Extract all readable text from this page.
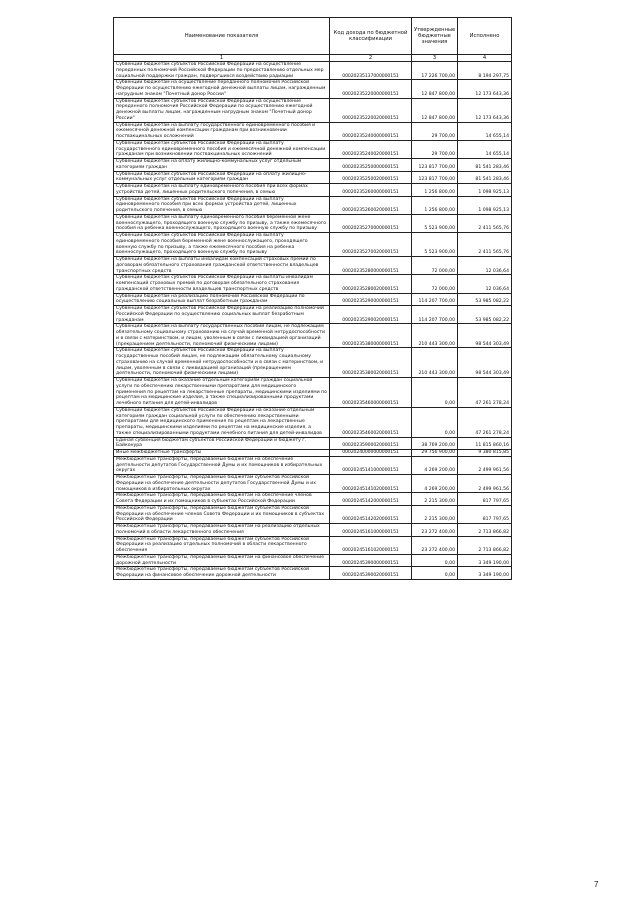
Наименование показателя	Код дохода по бюджетной классификации	Утвержденные бюджетные значения	Исполнено
1	2	3	4
Субвенции бюджетам субъектов Российской Федерации на осуществление переданных полномочий Российской Федерации по предоставлению отдельных мер социальной поддержки граждан, подвергшихся воздействию радиации	00020235137000000151	17 226 700,00	8 194 297,75
Субвенции бюджетам на осуществление переданного полномочия Российской Федерации по осуществлению ежегодной денежной выплаты лицам, награжденным нагрудным знаком "Почетный донор России"	00020235220000000151	12 847 800,00	12 173 643,36
Субвенции бюджетам субъектов Российской Федерации на осуществление переданного полномочия Российской Федерации по осуществлению ежегодной денежной выплаты лицам, награжденным нагрудным знаком "Почетный донор России"	00020235220020000151	12 847 800,00	12 173 643,36
Субвенции бюджетам на выплату государственного единовременного пособия и ежемесячной денежной компенсации гражданам при возникновении поствакцинальных осложнений	00020235240000000151	29 700,00	14 655,14
Субвенции бюджетам субъектов Российской Федерации на выплату государственного единовременного пособия и ежемесячной денежной компенсации гражданам при возникновении поствакцинальных осложнений	00020235240020000151	29 700,00	14 655,14
Субвенции бюджетам на оплату жилищно-коммунальных услуг отдельным категориям граждан	00020235250000000151	123 817 700,00	81 541 283,46
Субвенции бюджетам субъектов Российской Федерации на оплату жилищно-коммунальных услуг отдельным категориям граждан	00020235250020000151	123 817 700,00	81 541 283,46
Субвенции бюджетам на выплату единовременного пособия при всех формах устройства детей, лишенных родительского попечения, в семью	00020235260000000151	1 256 800,00	1 098 925,13
Субвенции бюджетам субъектов Российской Федерации на выплату единовременного пособия при всех формах устройства детей, лишенных родительского попечения, в семью	00020235260020000151	1 256 800,00	1 098 925,13
Субвенции бюджетам на выплату единовременного пособия беременной жене военнослужащего, проходящего военную службу по призыву, а также ежемесячного пособия на ребенка военнослужащего, проходящего военную службу по призыву	00020235270000000151	5 523 900,00	2 411 565,76
Субвенции бюджетам субъектов Российской Федерации на выплату единовременного пособия беременной жене военнослужащего, проходящего военную службу по призыву, а также ежемесячного пособия на ребенка военнослужащего, проходящего военную службу по призыву	00020235270020000151	5 523 900,00	2 411 565,76
Субвенции бюджетам на выплаты инвалидам компенсаций страховых премий по договорам обязательного страхования гражданской ответственности владельцев транспортных средств	00020235280000000151	72 000,00	12 036,64
Субвенции бюджетам субъектов Российской Федерации на выплаты инвалидам компенсаций страховых премий по договорам обязательного страхования гражданской ответственности владельцев транспортных средств	00020235280020000151	72 000,00	12 036,64
Субвенции бюджетам на реализацию полномочий Российской Федерации по осуществлению социальных выплат безработным гражданам	00020235290000000151	114 207 700,00	53 985 082,22
Субвенции бюджетам субъектов Российской Федерации на реализацию полномочий Российской Федерации по осуществлению социальных выплат безработным гражданам	00020235290020000151	114 207 700,00	53 985 082,22
Субвенции бюджетам на выплату государственных пособий лицам, не подлежащим обязательному социальному страхованию на случай временной нетрудоспособности и в связи с материнством, и лицам, уволенным в связи с ликвидацией организаций (прекращением деятельности, полномочий физическими лицами)	00020235380000000151	210 443 300,00	98 544 303,49
Субвенции бюджетам субъектов Российской Федерации на выплату государственных пособий лицам, не подлежащим обязательному социальному страхованию на случай временной нетрудоспособности и в связи с материнством, и лицам, уволенным в связи с ликвидацией организаций (прекращением деятельности, полномочий физическими лицами)	00020235380020000151	210 443 300,00	98 544 303,49
Субвенции бюджетам на оказание отдельным категориям граждан социальной услуги по обеспечению лекарственными препаратами для медицинского применения по рецептам на лекарственные препараты, медицинскими изделиями по рецептам на медицинские изделия, а также специализированными продуктами лечебного питания для детей-инвалидов	00020235460000000151	0,00	47 261 278,24
Субвенции бюджетам субъектов Российской Федерации на оказание отдельным категориям граждан социальной услуги по обеспечению лекарственными препаратами для медицинского применения по рецептам на лекарственные препараты, медицинскими изделиями по рецептам на медицинские изделия, а также специализированными продуктами лечебного питания для детей-инвалидов	00020235460020000151	0,00	47 261 278,24
Единая субвенция бюджетам субъектов Российской Федерации и бюджету г. Байконура	00020235900020000151	38 769 200,00	11 815 860,16
Иные межбюджетные трансферты	00020240000000000151	29 756 900,00	9 380 815,85
Межбюджетные трансферты, передаваемые бюджетам на обеспечение деятельности депутатов Государственной Думы и их помощников в избирательных округах	00020245141000000151	4 269 200,00	2 499 961,56
Межбюджетные трансферты, передаваемые бюджетам субъектов Российской Федерации на обеспечение деятельности депутатов Государственной Думы и их помощников в избирательных округах	00020245141020000151	4 269 200,00	2 499 961,56
Межбюджетные трансферты, передаваемые бюджетам на обеспечение членов Совета Федерации и их помощников в субъектах Российской Федерации	00020245142000000151	2 215 300,00	817 797,65
Межбюджетные трансферты, передаваемые бюджетам субъектов Российской Федерации на обеспечение членов Совета Федерации и их помощников в субъектах Российской Федерации	00020245142020000151	2 215 300,00	817 797,65
Межбюджетные трансферты, передаваемые бюджетам на реализацию отдельных полномочий в области лекарственного обеспечения	00020245161000000151	23 272 400,00	2 713 866,82
Межбюджетные трансферты, передаваемые бюджетам субъектов Российской Федерации на реализацию отдельных полномочий в области лекарственного обеспечения	00020245161020000151	23 272 400,00	2 713 866,82
Межбюджетные трансферты, передаваемые бюджетам на финансовое обеспечение дорожной деятельности	00020245390000000151	0,00	3 349 190,00
Межбюджетные трансферты, передаваемые бюджетам субъектов Российской Федерации на финансовое обеспечение дорожной деятельности	00020245390020000151	0,00	3 349 190,00
7
